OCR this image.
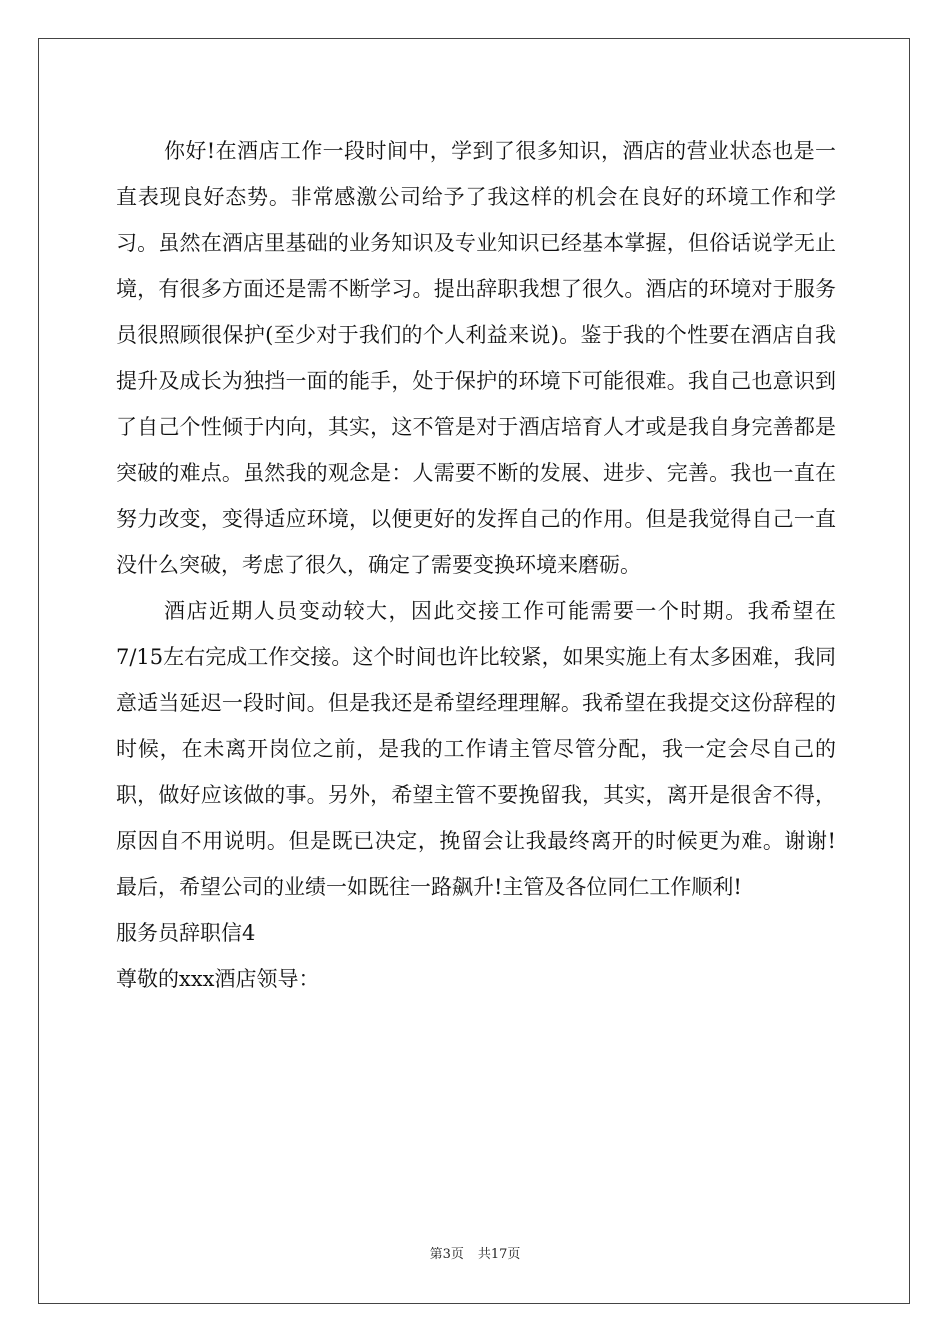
你好!在酒店工作一段时间中，学到了很多知识，酒店的营业状态也是一直表现良好态势。非常感激公司给予了我这样的机会在良好的环境工作和学习。虽然在酒店里基础的业务知识及专业知识已经基本掌握，但俗话说学无止境，有很多方面还是需不断学习。提出辞职我想了很久。酒店的环境对于服务员很照顾很保护(至少对于我们的个人利益来说)。鉴于我的个性要在酒店自我提升及成长为独挡一面的能手，处于保护的环境下可能很难。我自己也意识到了自己个性倾于内向，其实，这不管是对于酒店培育人才或是我自身完善都是突破的难点。虽然我的观念是：人需要不断的发展、进步、完善。我也一直在努力改变，变得适应环境，以便更好的发挥自己的作用。但是我觉得自己一直没什么突破，考虑了很久，确定了需要变换环境来磨砺。

酒店近期人员变动较大，因此交接工作可能需要一个时期。我希望在7/15左右完成工作交接。这个时间也许比较紧，如果实施上有太多困难，我同意适当延迟一段时间。但是我还是希望经理理解。我希望在我提交这份辞程的时候，在未离开岗位之前，是我的工作请主管尽管分配，我一定会尽自己的职，做好应该做的事。另外，希望主管不要挽留我，其实，离开是很舍不得，原因自不用说明。但是既已决定，挽留会让我最终离开的时候更为难。谢谢!最后，希望公司的业绩一如既往一路飙升!主管及各位同仁工作顺利!

服务员辞职信4

尊敬的xxx酒店领导：

第3页 共17页
